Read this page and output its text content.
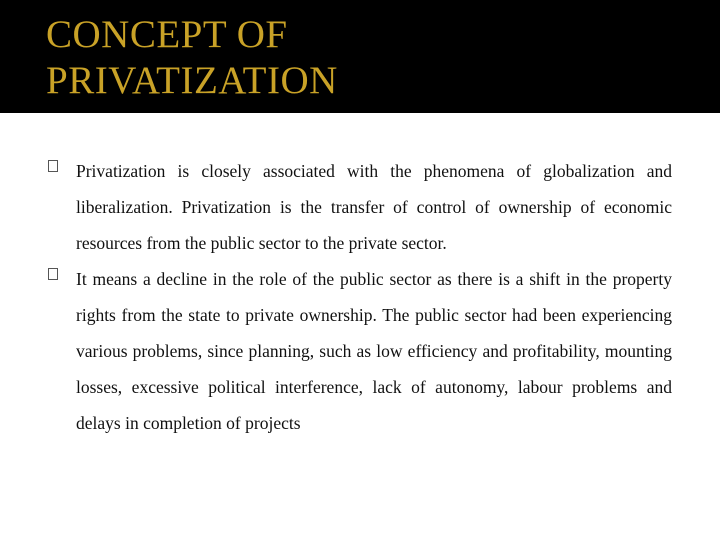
CONCEPT OF
PRIVATIZATION

Privatization is closely associated with the phenomena of globalization and liberalization. Privatization is the transfer of control of ownership of economic resources from the public sector to the private sector.

It means a decline in the role of the public sector as there is a shift in the property rights from the state to private ownership. The public sector had been experiencing various problems, since planning, such as low efficiency and profitability, mounting losses, excessive political interference, lack of autonomy, labour problems and delays in completion of projects
